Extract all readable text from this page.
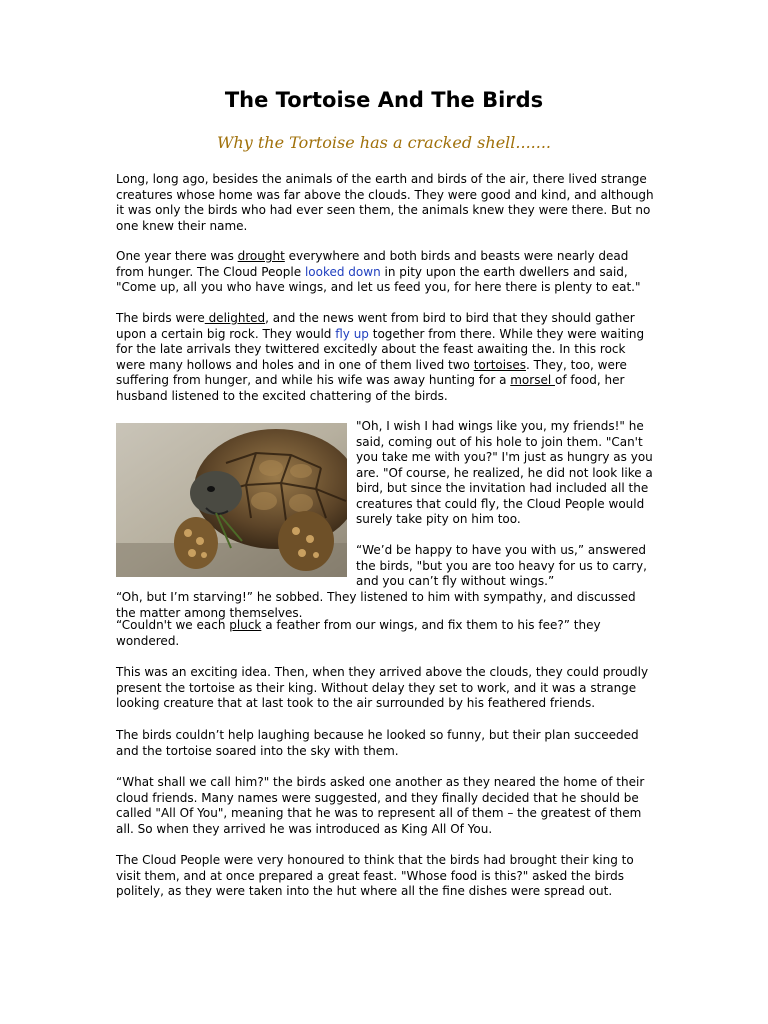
The Tortoise And The Birds
Why the Tortoise has a cracked shell.......

Long, long ago, besides the animals of the earth and birds of the air, there lived strange creatures whose home was far above the clouds. They were good and kind, and although it was only the birds who had ever seen them, the animals knew they were there. But no one knew their name.

One year there was drought everywhere and both birds and beasts were nearly dead from hunger. The Cloud People looked down in pity upon the earth dwellers and said, "Come up, all you who have wings, and let us feed you, for here there is plenty to eat."

The birds were delighted, and the news went from bird to bird that they should gather upon a certain big rock. They would fly up together from there. While they were waiting for the late arrivals they twittered excitedly about the feast awaiting the. In this rock were many hollows and holes and in one of them lived two tortoises. They, too, were suffering from hunger, and while his wife was away hunting for a morsel of food, her husband listened to the excited chattering of the birds.

"Oh, I wish I had wings like you, my friends!" he said, coming out of his hole to join them. "Can't you take me with you?" I'm just as hungry as you are. "Of course, he realized, he did not look like a bird, but since the invitation had included all the creatures that could fly, the Cloud People would surely take pity on him too.

“We’d be happy to have you with us,” answered the birds, "but you are too heavy for us to carry, and you can’t fly without wings.”

“Oh, but I’m starving!” he sobbed. They listened to him with sympathy, and discussed the matter among themselves.

“Couldn't we each pluck a feather from our wings, and fix them to his fee?” they wondered.

This was an exciting idea. Then, when they arrived above the clouds, they could proudly present the tortoise as their king. Without delay they set to work, and it was a strange looking creature that at last took to the air surrounded by his feathered friends.

The birds couldn’t help laughing because he looked so funny, but their plan succeeded and the tortoise soared into the sky with them.

“What shall we call him?" the birds asked one another as they neared the home of their cloud friends. Many names were suggested, and they finally decided that he should be called "All Of You", meaning that he was to represent all of them – the greatest of them all. So when they arrived he was introduced as King All Of You.

The Cloud People were very honoured to think that the birds had brought their king to visit them, and at once prepared a great feast. "Whose food is this?" asked the birds politely, as they were taken into the hut where all the fine dishes were spread out.
